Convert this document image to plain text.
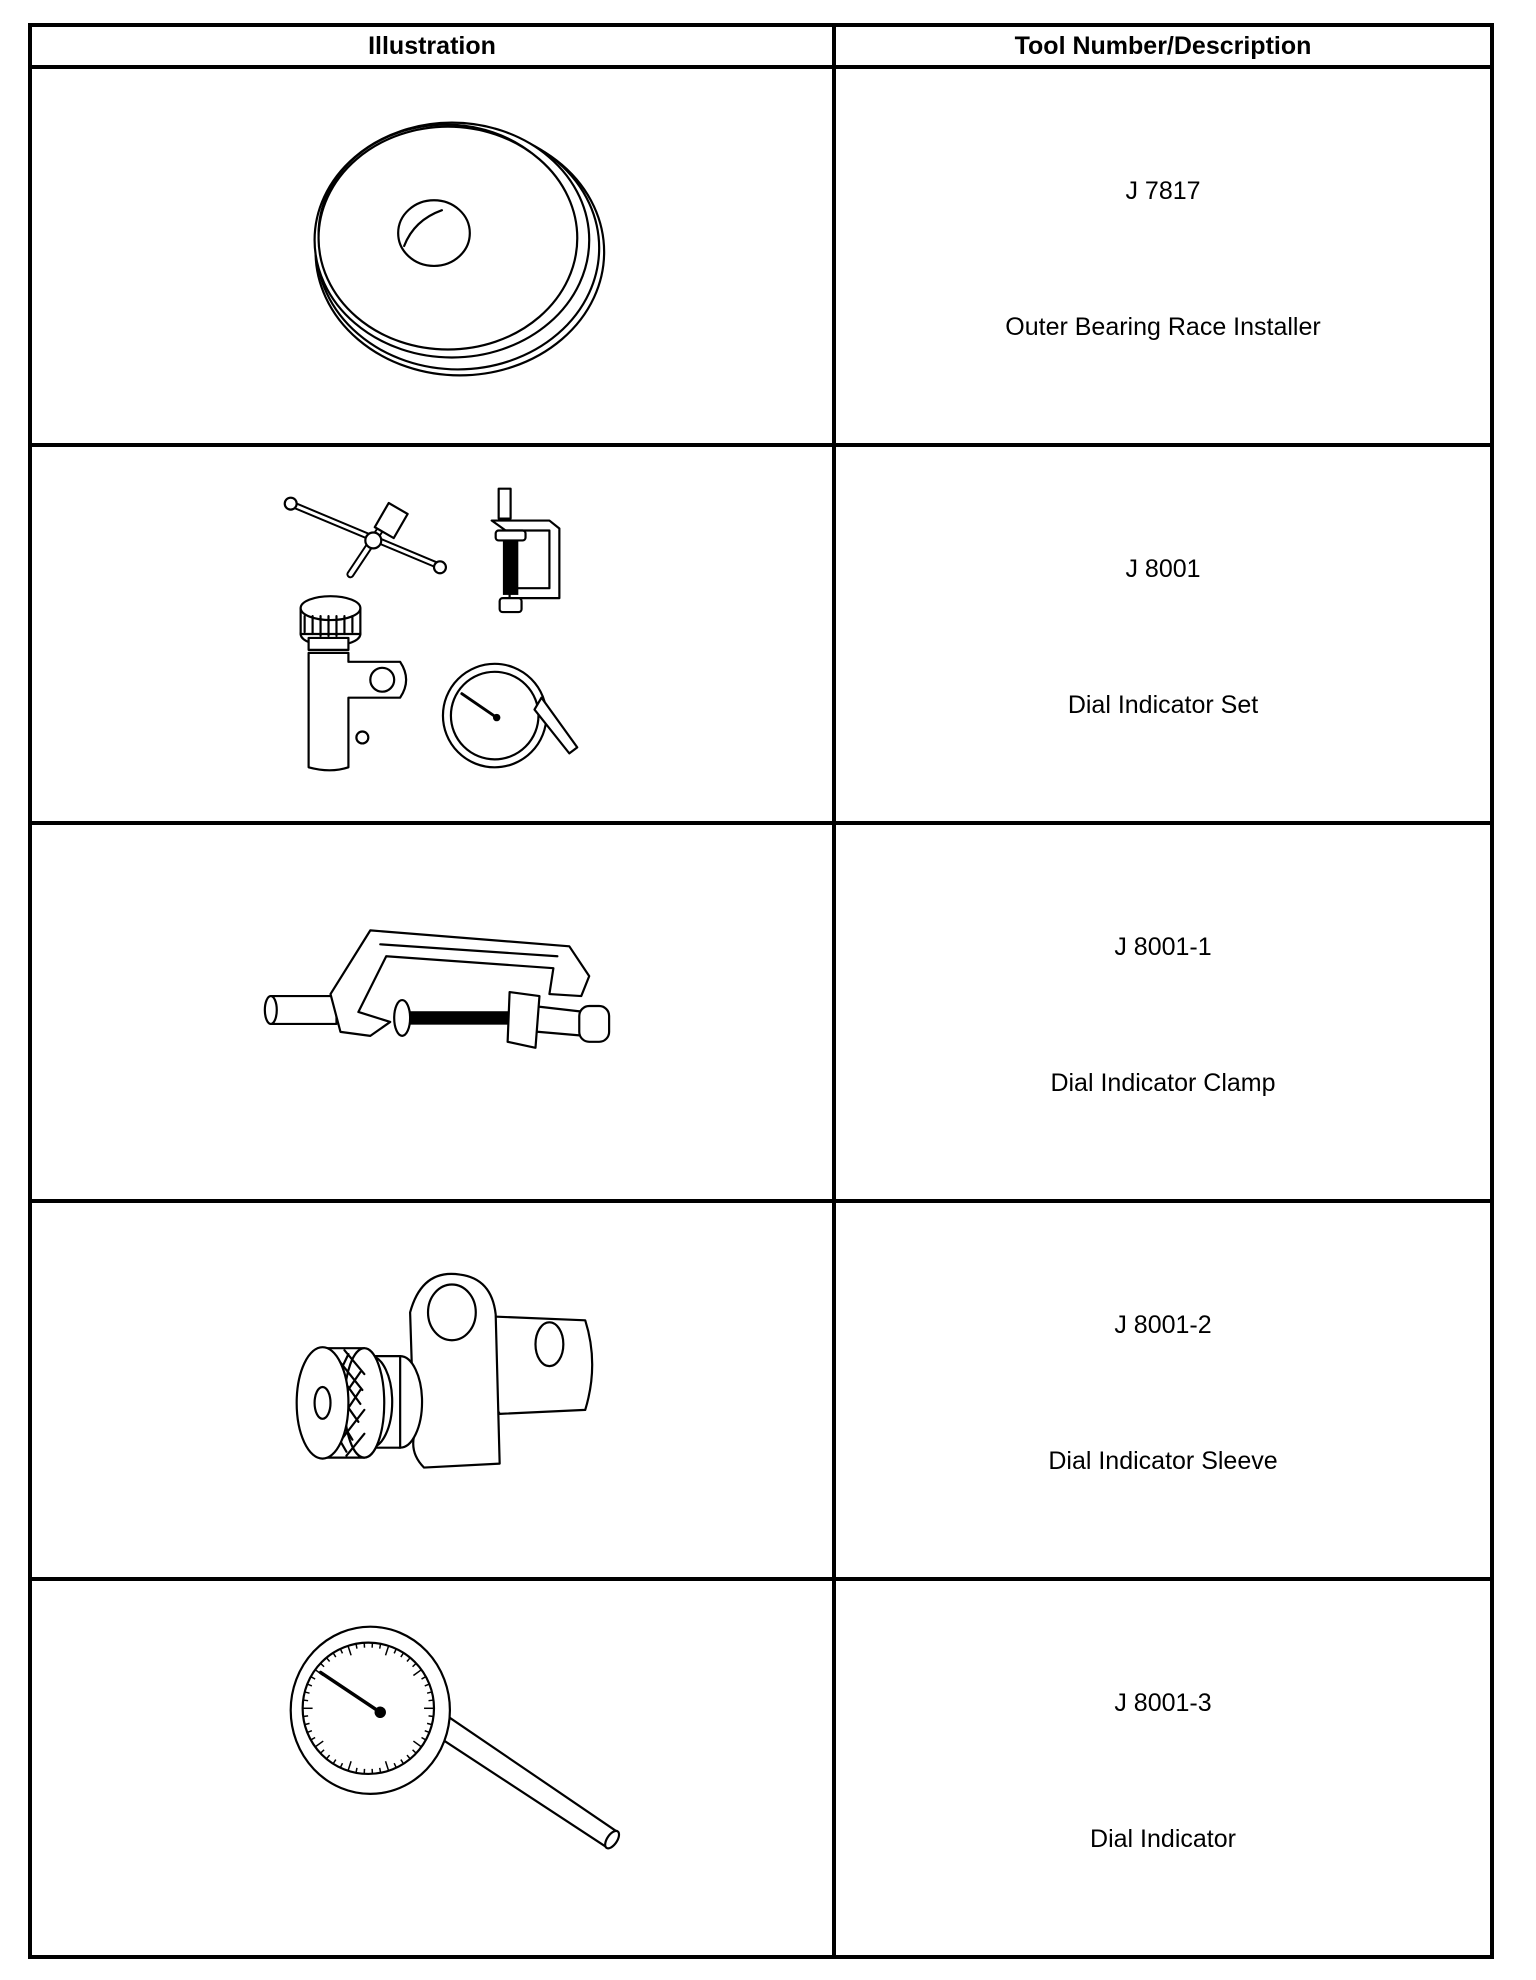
Illustration	Tool Number/Description

J 7817
Outer Bearing Race Installer

J 8001
Dial Indicator Set

J 8001-1
Dial Indicator Clamp

J 8001-2
Dial Indicator Sleeve

J 8001-3
Dial Indicator
